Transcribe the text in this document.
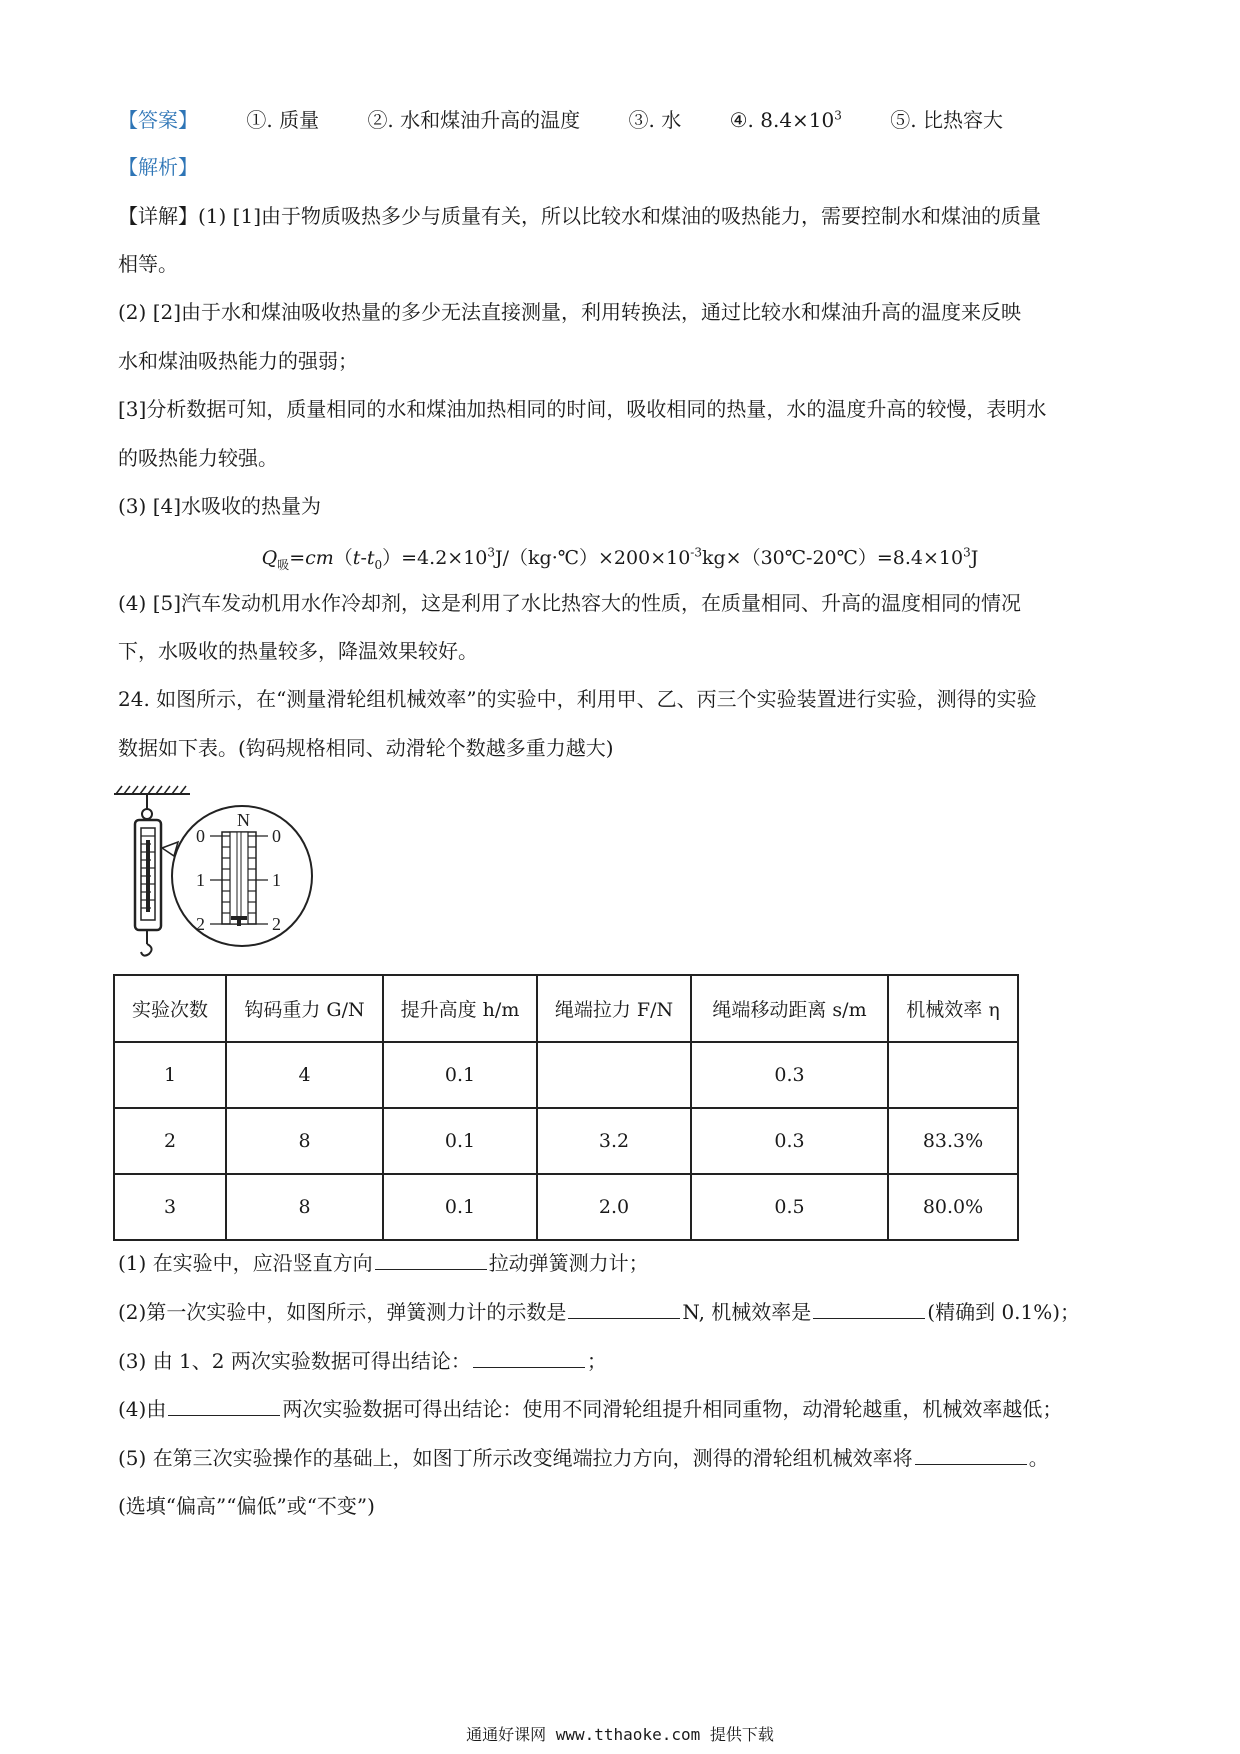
【答案】 ①. 质量 ②. 水和煤油升高的温度 ③. 水 ④. $8.4\times 10^3$ ⑤. 比热容大
【解析】
【详解】(1) [1]由于物质吸热多少与质量有关，所以比较水和煤油的吸热能力，需要控制水和煤油的质量
相等。
(2) [2]由于水和煤油吸收热量的多少无法直接测量，利用转换法，通过比较水和煤油升高的温度来反映
水和煤油吸热能力的强弱；
[3]分析数据可知，质量相同的水和煤油加热相同的时间，吸收相同的热量，水的温度升高的较慢，表明水
的吸热能力较强。
(3) [4]水吸收的热量为
$Q_吸=cm(t-t_0)=4.2\times 10^3J/(kg\cdot℃)\times 200\times 10^{-3}kg\times(30℃-20℃)=8.4\times 10^3J$
(4) [5]汽车发动机用水作冷却剂，这是利用了水比热容大的性质，在质量相同、升高的温度相同的情况
下，水吸收的热量较多，降温效果较好。
24. 如图所示，在“测量滑轮组机械效率”的实验中，利用甲、乙、丙三个实验装置进行实验，测得的实验
数据如下表。(钩码规格相同、动滑轮个数越多重力越大)
N
0
1
2
0
1
2
实验次数	钩码重力 G/N	提升高度 h/m	绳端拉力 F/N	绳端移动距离 s/m	机械效率 η
1	4	0.1		0.3	
2	8	0.1	3.2	0.3	83.3%
3	8	0.1	2.0	0.5	80.0%
(1) 在实验中，应沿竖直方向	拉动弹簧测力计；
(2)第一次实验中，如图所示，弹簧测力计的示数是	N, 机械效率是	(精确到 0.1%)；
(3) 由 1、2 两次实验数据可得出结论：	；
(4)由	两次实验数据可得出结论：使用不同滑轮组提升相同重物，动滑轮越重，机械效率越低；
(5) 在第三次实验操作的基础上，如图丁所示改变绳端拉力方向，测得的滑轮组机械效率将	。
(选填“偏高”“偏低”或“不变”)
通通好课网 www.tthaoke.com 提供下载
